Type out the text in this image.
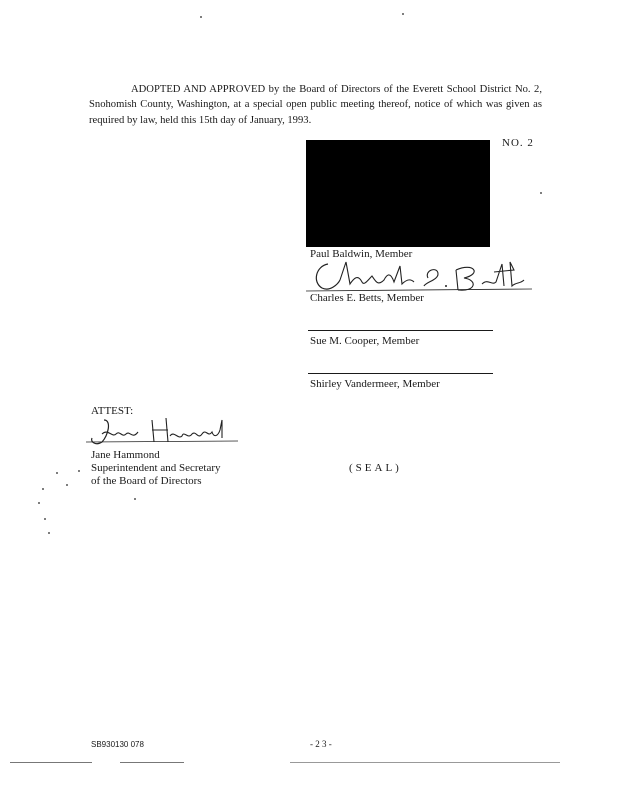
ADOPTED AND APPROVED by the Board of Directors of the Everett School District No. 2, Snohomish County, Washington, at a special open public meeting thereof, notice of which was given as required by law, held this 15th day of January, 1993.
NO. 2
Paul Baldwin, Member
Charles E. Betts, Member
Sue M. Cooper, Member
Shirley Vandermeer, Member
ATTEST:
Jane Hammond
Superintendent and Secretary
of the Board of Directors
(SEAL)
SB930130 078	- 2 3 -
